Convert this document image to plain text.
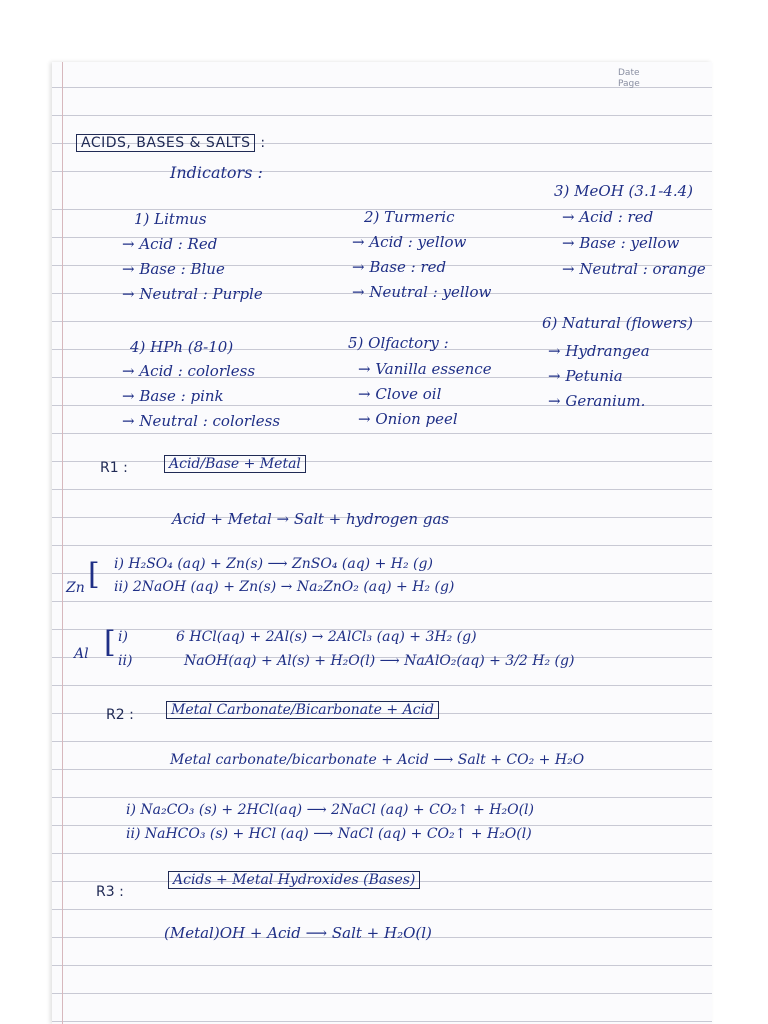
Date
Page
ACIDS, BASES & SALTS :
Indicators :
1) Litmus
→ Acid : Red
→ Base : Blue
→ Neutral : Purple
2) Turmeric
→ Acid : yellow
→ Base : red
→ Neutral : yellow
3) MeOH (3.1-4.4)
→ Acid : red
→ Base : yellow
→ Neutral : orange
4) HPh (8-10)
→ Acid : colorless
→ Base : pink
→ Neutral : colorless
5) Olfactory :
→ Vanilla essence
→ Clove oil
→ Onion peel
6) Natural (flowers)
→ Hydrangea
→ Petunia
→ Geranium.
R1 :	Acid/Base + Metal
Acid + Metal → Salt + hydrogen gas
Zn [ i) H₂SO₄ (aq) + Zn(s) ⟶ ZnSO₄ (aq) + H₂ (g)
ii) 2NaOH (aq) + Zn(s) → Na₂ZnO₂ (aq) + H₂ (g)
Al [ i)
ii)
6 HCl(aq) + 2Al(s) → 2AlCl₃ (aq) + 3H₂ (g)
NaOH(aq) + Al(s) + H₂O(l) ⟶ NaAlO₂(aq) + 3/2 H₂ (g)
R2 :	Metal Carbonate/Bicarbonate + Acid
Metal carbonate/bicarbonate + Acid ⟶ Salt + CO₂ + H₂O
i) Na₂CO₃ (s) + 2HCl(aq) ⟶ 2NaCl (aq) + CO₂↑ + H₂O(l)
ii) NaHCO₃ (s) + HCl (aq) ⟶ NaCl (aq) + CO₂↑ + H₂O(l)
R3 :
Acids + Metal Hydroxides (Bases)
(Metal)OH + Acid ⟶ Salt + H₂O(l)
